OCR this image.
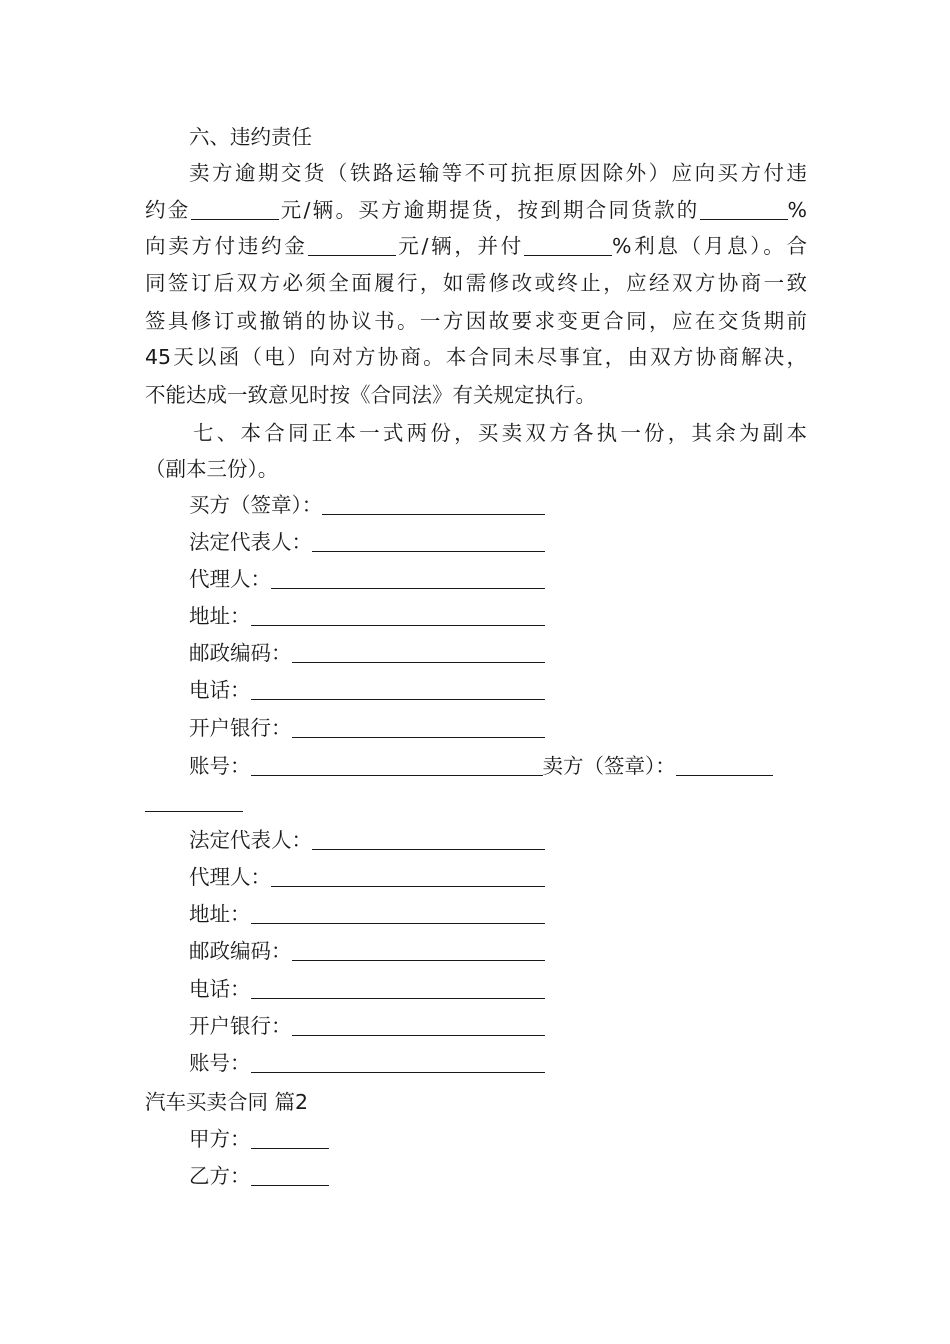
六、违约责任
卖方逾期交货（铁路运输等不可抗拒原因除外）应向买方付违
约金	元/辆。买方逾期提货，按到期合同货款的	%
向卖方付违约金	元/辆，并付	%利息（月息）。合
同签订后双方必须全面履行，如需修改或终止，应经双方协商一致
签具修订或撤销的协议书。一方因故要求变更合同，应在交货期前
45天以函（电）向对方协商。本合同未尽事宜，由双方协商解决，
不能达成一致意见时按《合同法》有关规定执行。
七、本合同正本一式两份，买卖双方各执一份，其余为副本
（副本三份）。
买方（签章）：
法定代表人：
代理人：
地址：
邮政编码：
电话：
开户银行：
账号：	卖方（签章）：
法定代表人：
代理人：
地址：
邮政编码：
电话：
开户银行：
账号：
汽车买卖合同 篇2
甲方：
乙方：
